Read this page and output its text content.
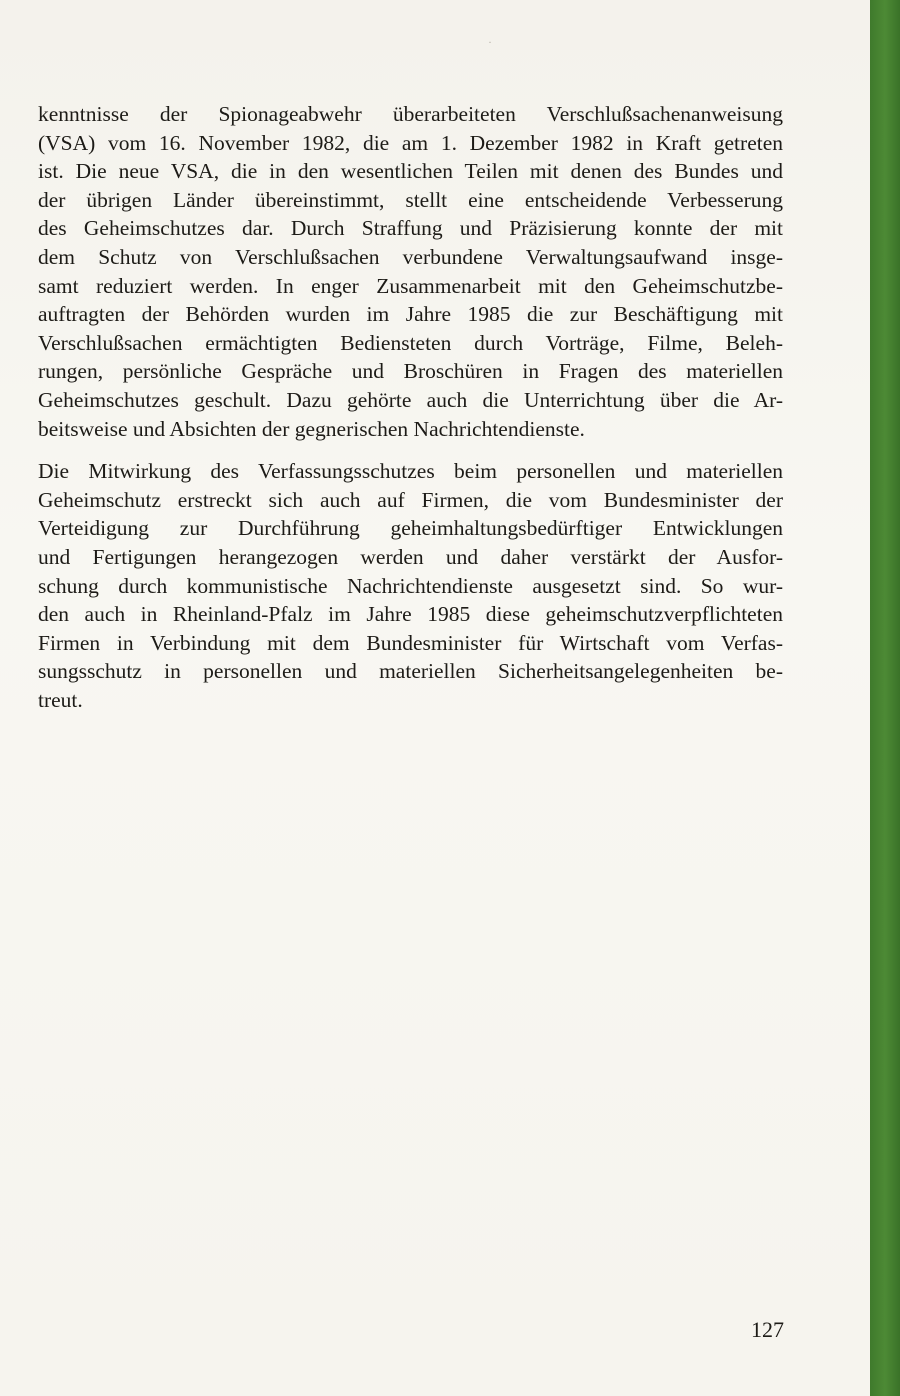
·

kenntnisse der Spionageabwehr überarbeiteten Verschlußsachenanweisung
(VSA) vom 16. November 1982, die am 1. Dezember 1982 in Kraft getreten
ist. Die neue VSA, die in den wesentlichen Teilen mit denen des Bundes und
der übrigen Länder übereinstimmt, stellt eine entscheidende Verbesserung
des Geheimschutzes dar. Durch Straffung und Präzisierung konnte der mit
dem Schutz von Verschlußsachen verbundene Verwaltungsaufwand insge-
samt reduziert werden. In enger Zusammenarbeit mit den Geheimschutzbe-
auftragten der Behörden wurden im Jahre 1985 die zur Beschäftigung mit
Verschlußsachen ermächtigten Bediensteten durch Vorträge, Filme, Beleh-
rungen, persönliche Gespräche und Broschüren in Fragen des materiellen
Geheimschutzes geschult. Dazu gehörte auch die Unterrichtung über die Ar-
beitsweise und Absichten der gegnerischen Nachrichtendienste.

Die Mitwirkung des Verfassungsschutzes beim personellen und materiellen
Geheimschutz erstreckt sich auch auf Firmen, die vom Bundesminister der
Verteidigung zur Durchführung geheimhaltungsbedürftiger Entwicklungen
und Fertigungen herangezogen werden und daher verstärkt der Ausfor-
schung durch kommunistische Nachrichtendienste ausgesetzt sind. So wur-
den auch in Rheinland-Pfalz im Jahre 1985 diese geheimschutzverpflichteten
Firmen in Verbindung mit dem Bundesminister für Wirtschaft vom Verfas-
sungsschutz in personellen und materiellen Sicherheitsangelegenheiten be-
treut.

127
